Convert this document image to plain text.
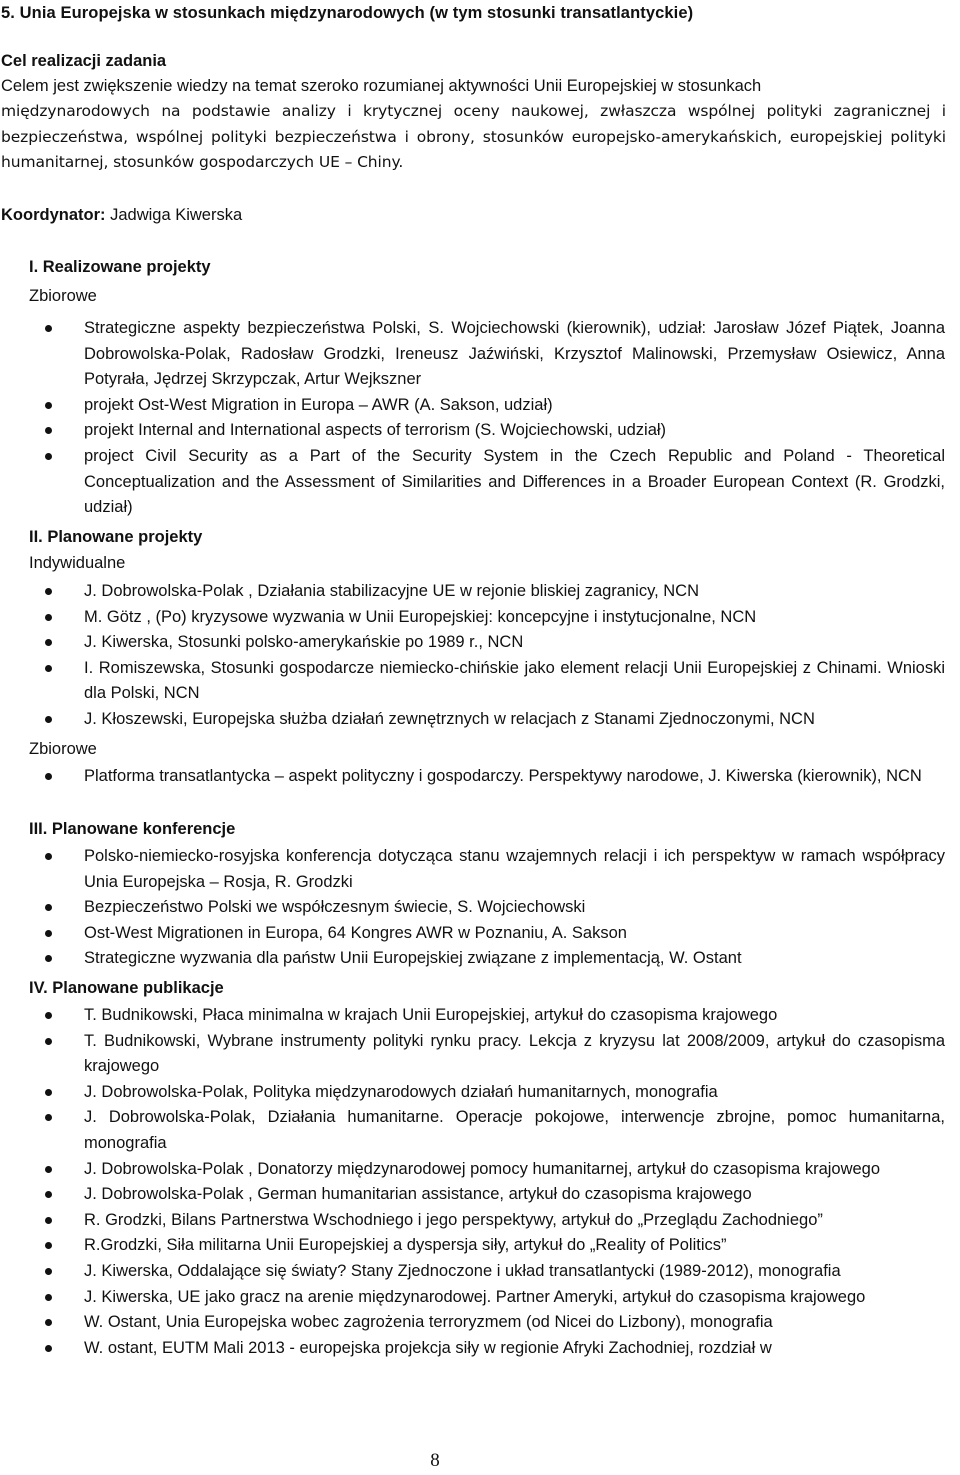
5. Unia Europejska w stosunkach międzynarodowych (w tym stosunki transatlantyckie)

Cel realizacji zadania

Celem jest zwiększenie wiedzy na temat szeroko rozumianej aktywności Unii Europejskiej w stosunkach
międzynarodowych na podstawie analizy i krytycznej oceny naukowej, zwłaszcza wspólnej polityki zagranicznej i bezpieczeństwa, wspólnej polityki bezpieczeństwa i obrony, stosunków europejsko-amerykańskich, europejskiej polityki humanitarnej, stosunków gospodarczych UE – Chiny.

Koordynator: Jadwiga Kiwerska

I. Realizowane projekty

Zbiorowe

Strategiczne aspekty bezpieczeństwa Polski, S. Wojciechowski (kierownik), udział: Jarosław Józef Piątek, Joanna Dobrowolska-Polak, Radosław Grodzki, Ireneusz Jaźwiński, Krzysztof Malinowski, Przemysław Osiewicz, Anna Potyrała, Jędrzej Skrzypczak, Artur Wejkszner
projekt Ost-West Migration in Europa – AWR (A. Sakson, udział)
projekt Internal and International aspects of terrorism (S. Wojciechowski, udział)
project Civil Security as a Part of the Security System in the Czech Republic and Poland - Theoretical Conceptualization and the Assessment of Similarities and Differences in a Broader European Context (R. Grodzki, udział)

II. Planowane projekty

Indywidualne

J. Dobrowolska-Polak , Działania stabilizacyjne UE w rejonie bliskiej zagranicy, NCN
M. Götz , (Po) kryzysowe wyzwania w Unii Europejskiej: koncepcyjne i instytucjonalne, NCN
J. Kiwerska, Stosunki polsko-amerykańskie po 1989 r., NCN
I. Romiszewska, Stosunki gospodarcze niemiecko-chińskie jako element relacji Unii Europejskiej z Chinami. Wnioski dla Polski, NCN
J. Kłoszewski, Europejska służba działań zewnętrznych w relacjach z Stanami Zjednoczonymi, NCN

Zbiorowe

Platforma transatlantycka – aspekt polityczny i gospodarczy. Perspektywy narodowe, J. Kiwerska (kierownik), NCN

III. Planowane konferencje

Polsko-niemiecko-rosyjska konferencja dotycząca stanu wzajemnych relacji i ich perspektyw w ramach współpracy Unia Europejska – Rosja, R. Grodzki
Bezpieczeństwo Polski we współczesnym świecie, S. Wojciechowski
Ost-West Migrationen in Europa, 64 Kongres AWR w Poznaniu, A. Sakson
Strategiczne wyzwania dla państw Unii Europejskiej związane z implementacją, W. Ostant

IV. Planowane publikacje

T. Budnikowski, Płaca minimalna w krajach Unii Europejskiej, artykuł do czasopisma krajowego
T. Budnikowski, Wybrane instrumenty polityki rynku pracy. Lekcja z kryzysu lat 2008/2009, artykuł do czasopisma krajowego
J. Dobrowolska-Polak, Polityka międzynarodowych działań humanitarnych, monografia
J. Dobrowolska-Polak, Działania humanitarne. Operacje pokojowe, interwencje zbrojne, pomoc humanitarna, monografia
J. Dobrowolska-Polak , Donatorzy międzynarodowej pomocy humanitarnej, artykuł do czasopisma krajowego
J. Dobrowolska-Polak , German humanitarian assistance, artykuł do czasopisma krajowego
R. Grodzki, Bilans Partnerstwa Wschodniego i jego perspektywy, artykuł do „Przeglądu Zachodniego”
R.Grodzki, Siła militarna Unii Europejskiej a dyspersja siły, artykuł do „Reality of Politics”
J. Kiwerska, Oddalające się światy? Stany Zjednoczone i układ transatlantycki (1989-2012), monografia
J. Kiwerska, UE jako gracz na arenie międzynarodowej. Partner Ameryki, artykuł do czasopisma krajowego
W. Ostant, Unia Europejska wobec zagrożenia terroryzmem (od Nicei do Lizbony), monografia
W. ostant, EUTM Mali 2013 - europejska projekcja siły w regionie Afryki Zachodniej, rozdział w
8
